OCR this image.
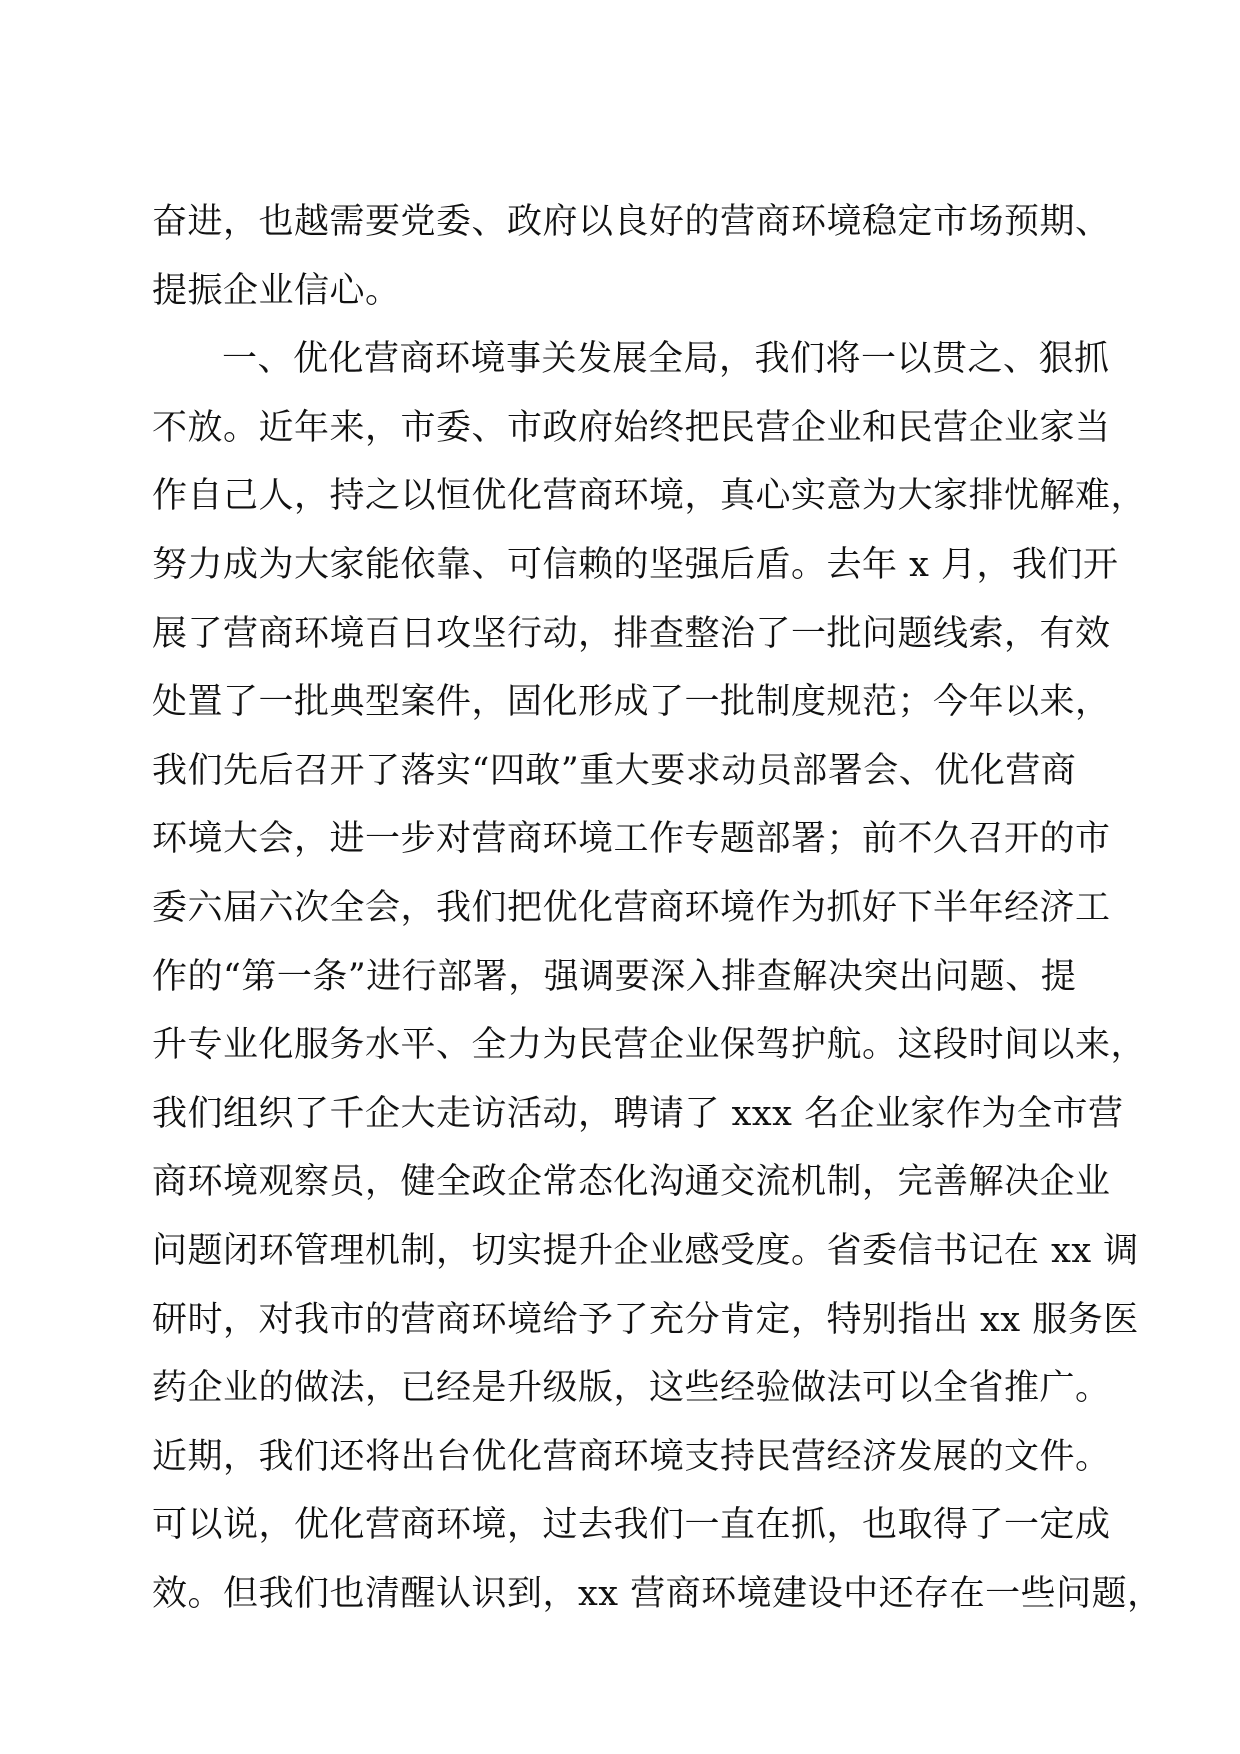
奋进，也越需要党委、政府以良好的营商环境稳定市场预期、
提振企业信心。
一、优化营商环境事关发展全局，我们将一以贯之、狠抓
不放。近年来，市委、市政府始终把民营企业和民营企业家当
作自己人，持之以恒优化营商环境，真心实意为大家排忧解难，
努力成为大家能依靠、可信赖的坚强后盾。去年 x 月，我们开
展了营商环境百日攻坚行动，排查整治了一批问题线索，有效
处置了一批典型案件，固化形成了一批制度规范；今年以来，
我们先后召开了落实“四敢”重大要求动员部署会、优化营商
环境大会，进一步对营商环境工作专题部署；前不久召开的市
委六届六次全会，我们把优化营商环境作为抓好下半年经济工
作的“第一条”进行部署，强调要深入排查解决突出问题、提
升专业化服务水平、全力为民营企业保驾护航。这段时间以来，
我们组织了千企大走访活动，聘请了 xxx 名企业家作为全市营
商环境观察员，健全政企常态化沟通交流机制，完善解决企业
问题闭环管理机制，切实提升企业感受度。省委信书记在 xx 调
研时，对我市的营商环境给予了充分肯定，特别指出 xx 服务医
药企业的做法，已经是升级版，这些经验做法可以全省推广。
近期，我们还将出台优化营商环境支持民营经济发展的文件。
可以说，优化营商环境，过去我们一直在抓，也取得了一定成
效。但我们也清醒认识到，xx 营商环境建设中还存在一些问题，
